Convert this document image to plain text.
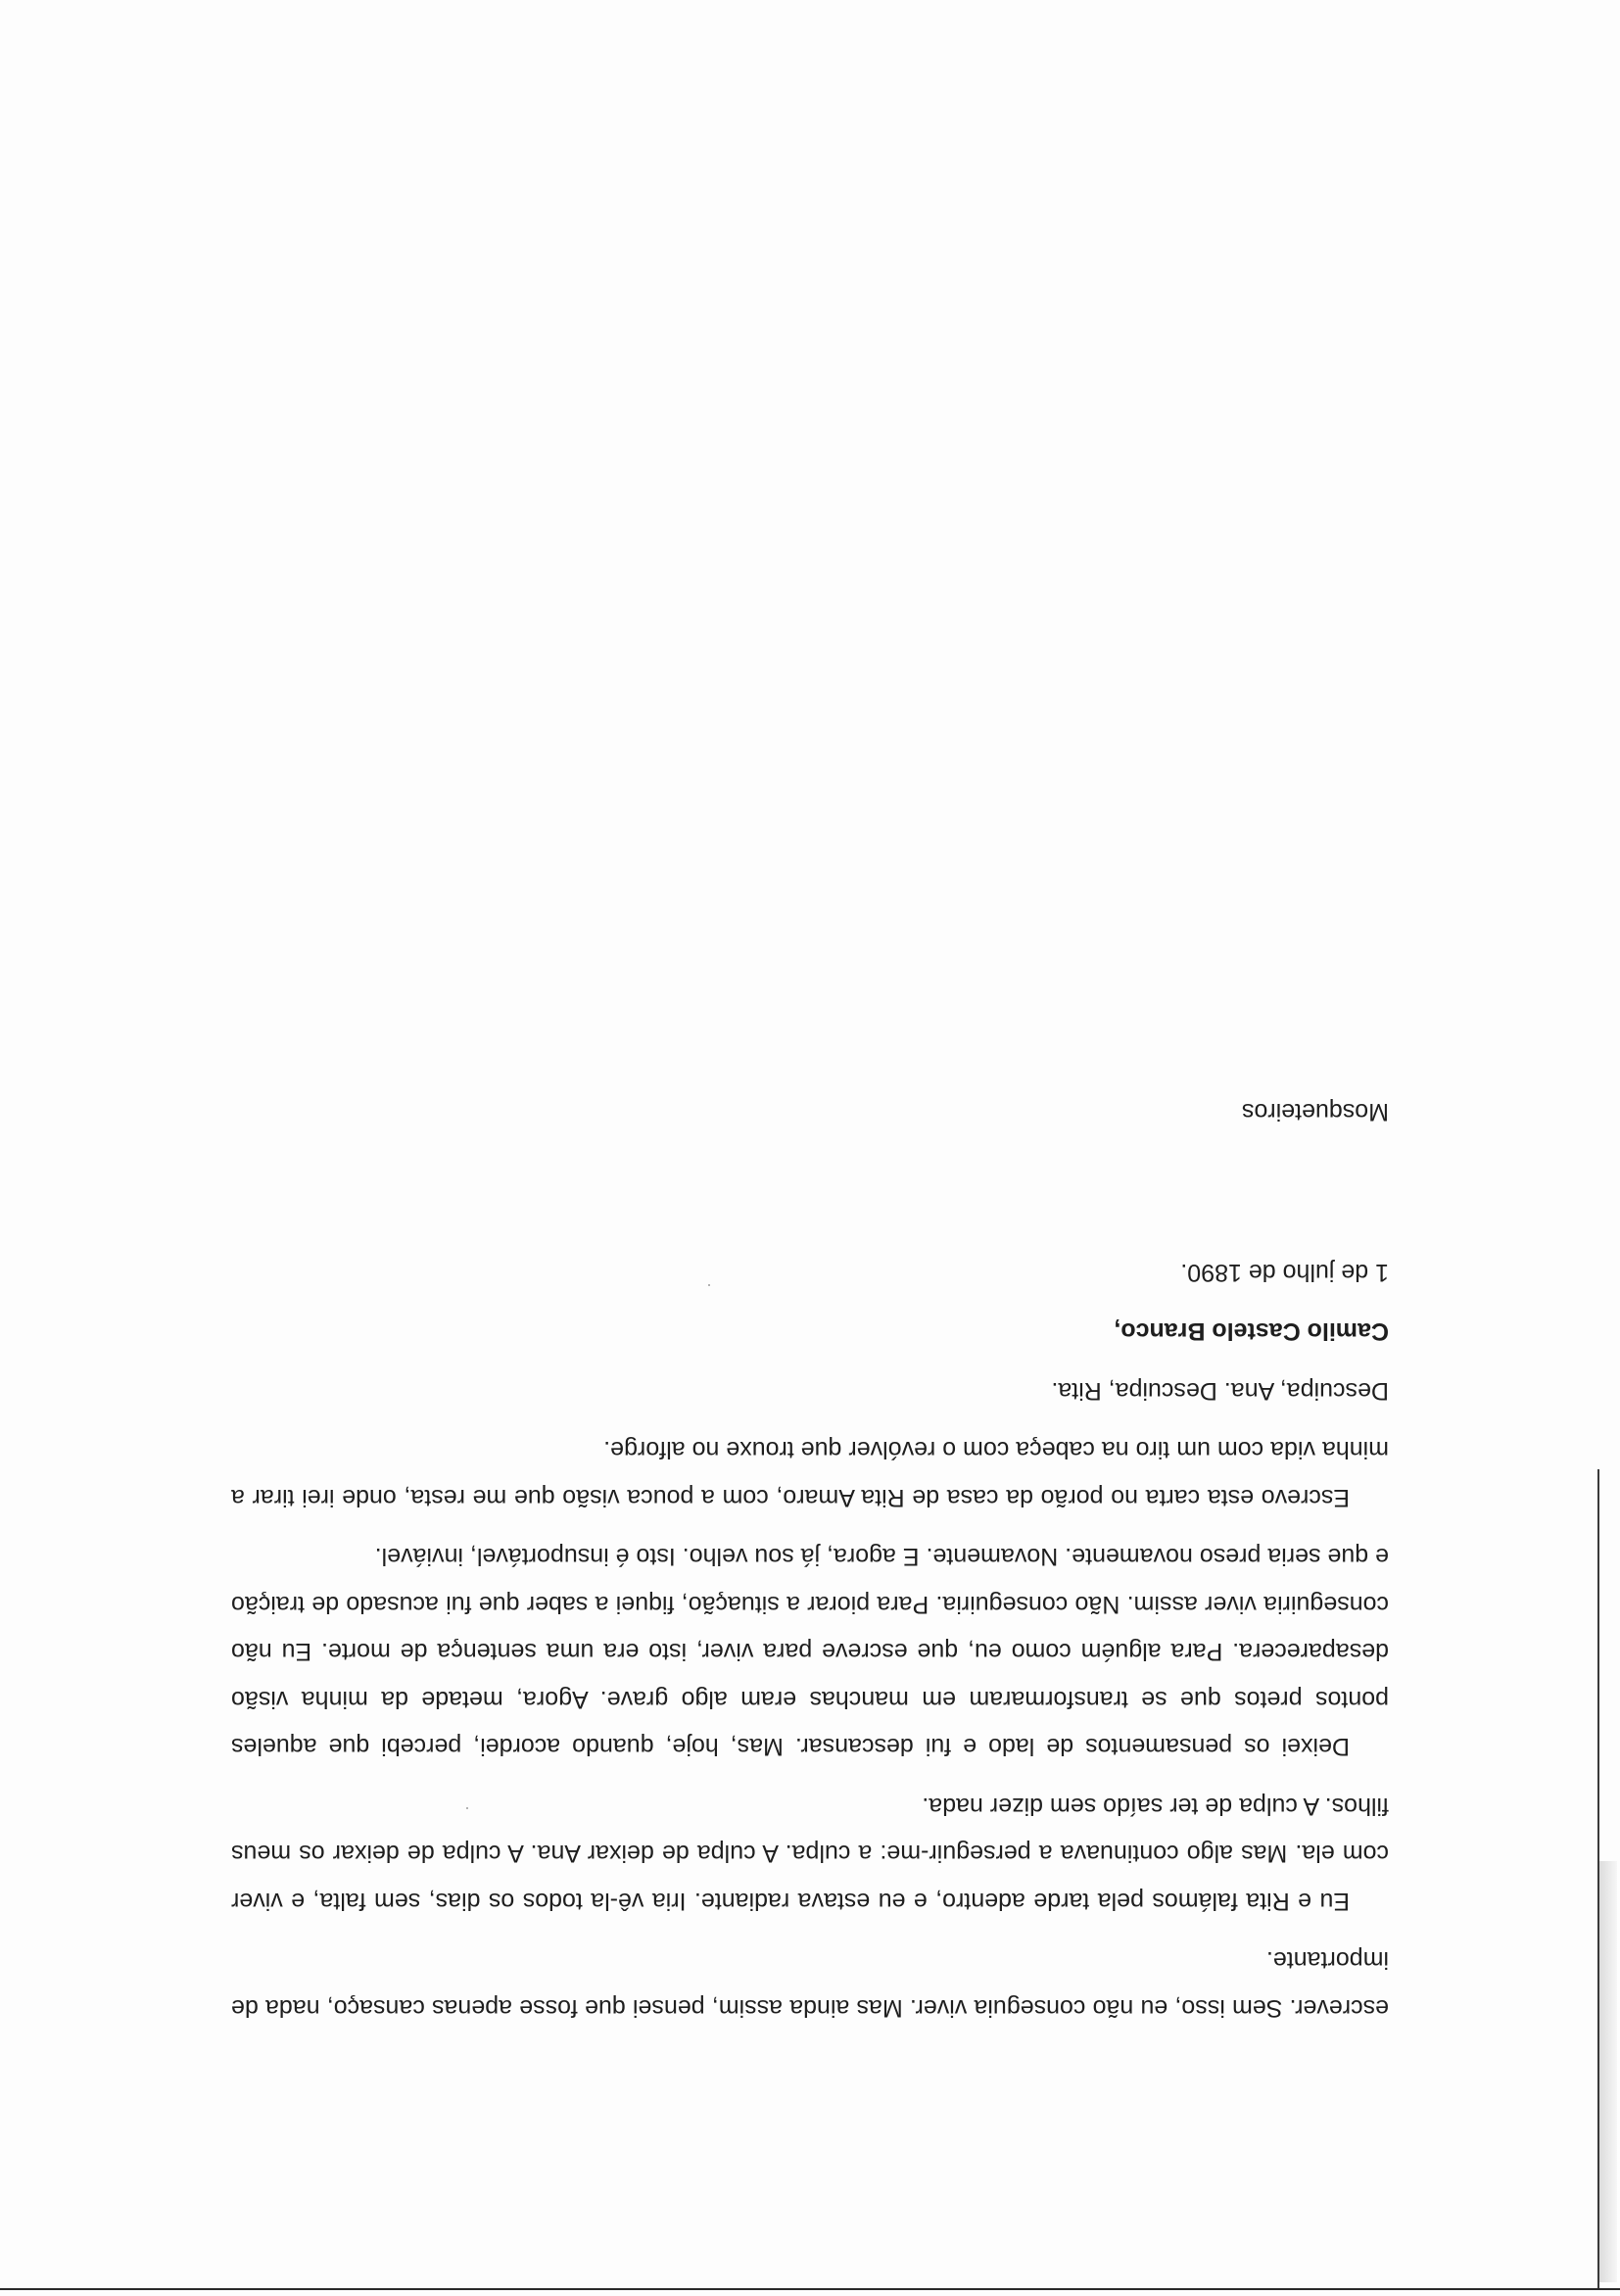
escrever. Sem isso, eu não conseguia viver. Mas ainda assim, pensei que fosse apenas cansaço, nada de importante.

Eu e Rita falámos pela tarde adentro, e eu estava radiante. Iria vê-la todos os dias, sem falta, e viver com ela. Mas algo continuava a perseguir-me: a culpa. A culpa de deixar Ana. A culpa de deixar os meus filhos. A culpa de ter saído sem dizer nada.

Deixei os pensamentos de lado e fui descansar. Mas, hoje, quando acordei, percebi que aqueles pontos pretos que se transformaram em manchas eram algo grave. Agora, metade da minha visão desaparecera. Para alguém como eu, que escreve para viver, isto era uma sentença de morte. Eu não conseguiria viver assim. Não conseguiria. Para piorar a situação, fiquei a saber que fui acusado de traição e que seria preso novamente. Novamente. E agora, já sou velho. Isto é insuportável, inviável.

Escrevo esta carta no porão da casa de Rita Amaro, com a pouca visão que me resta, onde irei tirar a minha vida com um tiro na cabeça com o revólver que trouxe no alforge.

Descuipa, Ana. Descuipa, Rita.

Camilo Castelo Branco,

1 de julho de 1890.

Mosqueteiros
